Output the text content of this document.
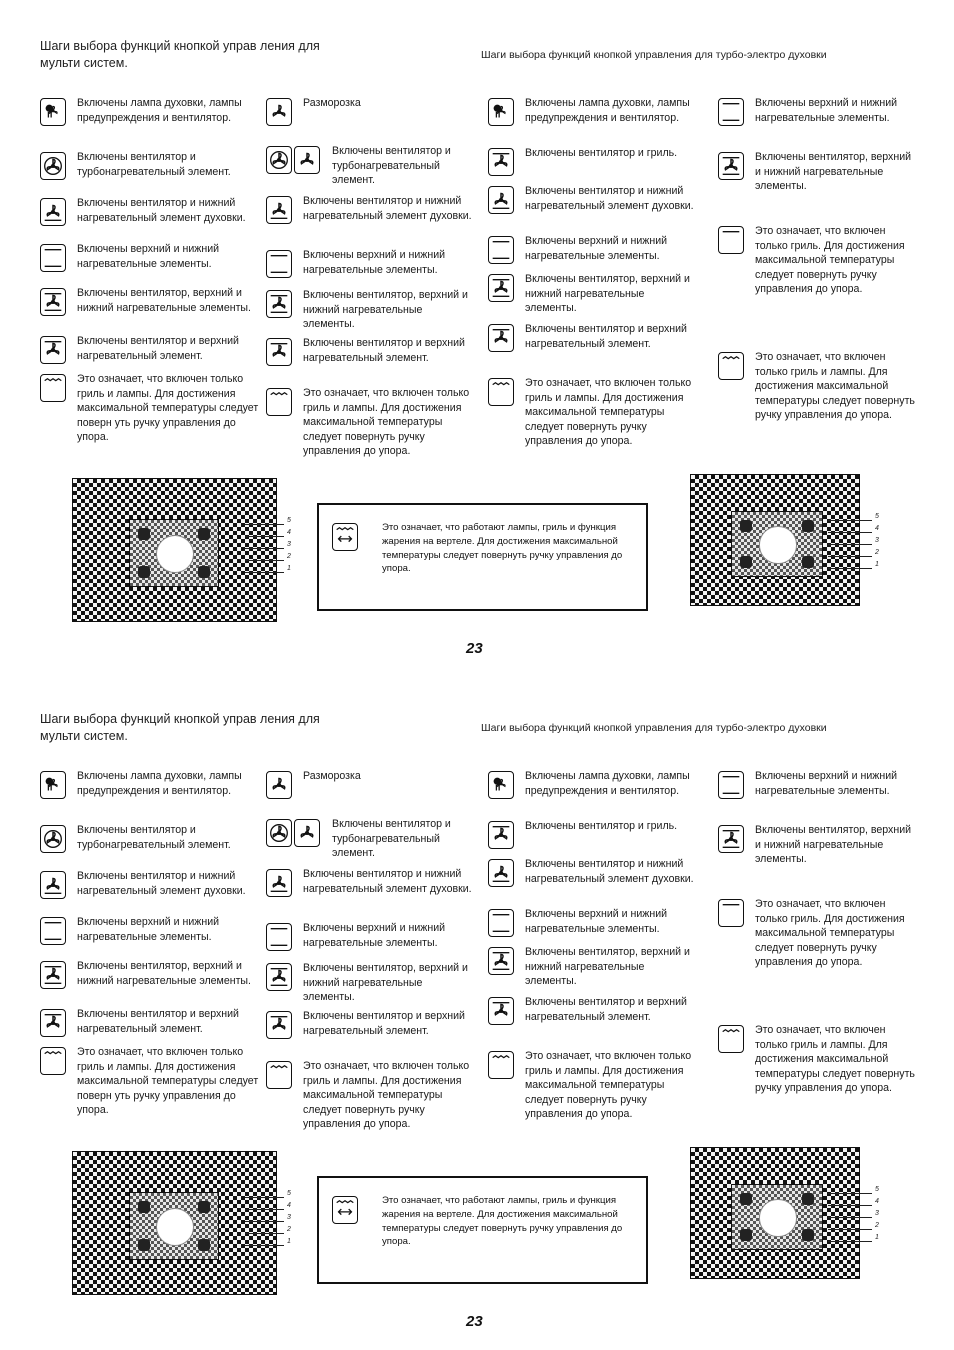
Шаги выбора функций кнопкой управ ления для мульти систем.
Шаги выбора функций кнопкой управления для турбо-электро духовки
Включены лампа духовки, лампы предупреждения и вентилятор.
Включены вентилятор и турбонагревательный элемент.
Включены вентилятор и нижний нагревательный элемент духовки.
Включены верхний и нижний нагревательные элементы.
Включены вентилятор, верхний и нижний нагревательные элементы.
Включены вентилятор и верхний нагревательный элемент.
Это означает, что включен только гриль и лампы. Для достижения максимальной температуры следует поверн уть ручку управления до упора.
Разморозка
Включены вентилятор и турбонагревательный элемент.
Включены вентилятор и нижний нагревательный элемент духовки.
Включены верхний и нижний нагревательные элементы.
Включены вентилятор, верхний и нижний нагревательные элементы.
Включены вентилятор и верхний нагревательный элемент.
Это означает, что включен только гриль и лампы. Для достижения максимальной температуры следует повернуть ручку управления до упора.
Включены лампа духовки, лампы предупреждения и вентилятор.
Включены вентилятор и гриль.
Включены вентилятор и нижний нагревательный элемент духовки.
Включены верхний и нижний нагревательные элементы.
Включены вентилятор, верхний и нижний нагревательные элементы.
Включены вентилятор и верхний нагревательный элемент.
Это означает, что включен только гриль и лампы. Для достижения максимальной температуры следует повернуть ручку управления до упора.
Включены верхний и нижний нагревательные элементы.
Включены вентилятор, верхний и нижний нагревательные элементы.
Это означает, что включен только гриль. Для достижения максимальной температуры следует повернуть ручку управления до упора.
Это означает, что включен только гриль и лампы. Для достижения максимальной температуры следует повернуть ручку управления до упора.
5
4
3
2
1
5
4
3
2
1
Это означает, что работают лампы, гриль и функция жарения на вертеле. Для достижения максимальной температуры следует повернуть ручку управления до упора.
23
Шаги выбора функций кнопкой управ ления для мульти систем.
Шаги выбора функций кнопкой управления для турбо-электро духовки
Включены лампа духовки, лампы предупреждения и вентилятор.
Включены вентилятор и турбонагревательный элемент.
Включены вентилятор и нижний нагревательный элемент духовки.
Включены верхний и нижний нагревательные элементы.
Включены вентилятор, верхний и нижний нагревательные элементы.
Включены вентилятор и верхний нагревательный элемент.
Это означает, что включен только гриль и лампы. Для достижения максимальной температуры следует поверн уть ручку управления до упора.
Разморозка
Включены вентилятор и турбонагревательный элемент.
Включены вентилятор и нижний нагревательный элемент духовки.
Включены верхний и нижний нагревательные элементы.
Включены вентилятор, верхний и нижний нагревательные элементы.
Включены вентилятор и верхний нагревательный элемент.
Это означает, что включен только гриль и лампы. Для достижения максимальной температуры следует повернуть ручку управления до упора.
Включены лампа духовки, лампы предупреждения и вентилятор.
Включены вентилятор и гриль.
Включены вентилятор и нижний нагревательный элемент духовки.
Включены верхний и нижний нагревательные элементы.
Включены вентилятор, верхний и нижний нагревательные элементы.
Включены вентилятор и верхний нагревательный элемент.
Это означает, что включен только гриль и лампы. Для достижения максимальной температуры следует повернуть ручку управления до упора.
Включены верхний и нижний нагревательные элементы.
Включены вентилятор, верхний и нижний нагревательные элементы.
Это означает, что включен только гриль. Для достижения максимальной температуры следует повернуть ручку управления до упора.
Это означает, что включен только гриль и лампы. Для достижения максимальной температуры следует повернуть ручку управления до упора.
5
4
3
2
1
5
4
3
2
1
Это означает, что работают лампы, гриль и функция жарения на вертеле. Для достижения максимальной температуры следует повернуть ручку управления до упора.
23
